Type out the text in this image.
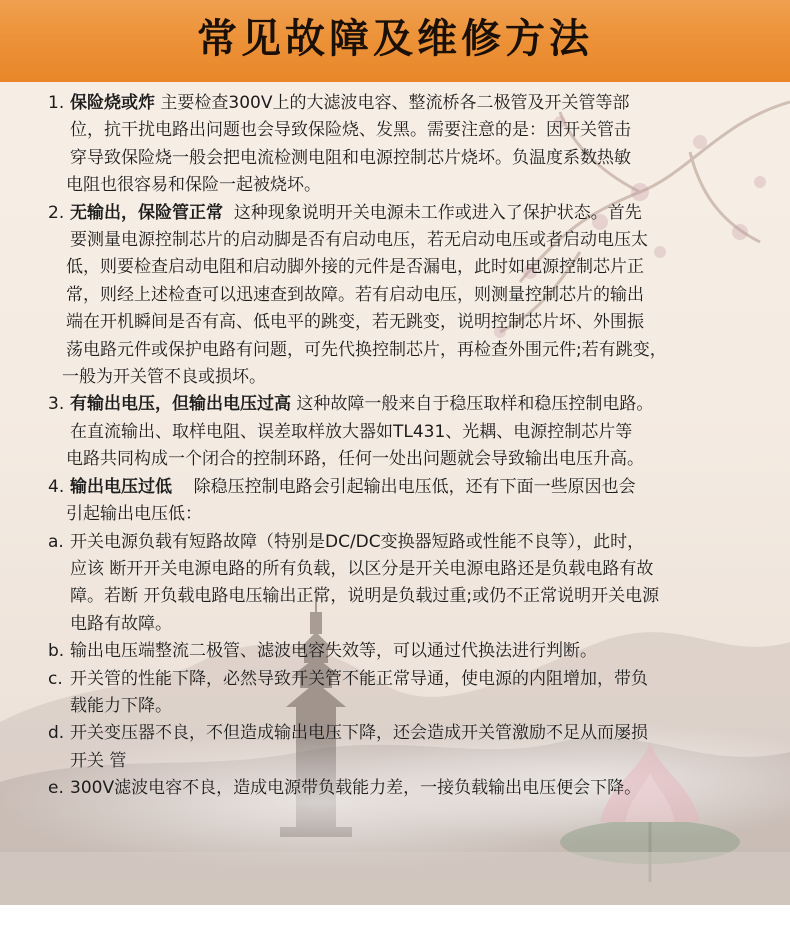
常见故障及维修方法

1. 保险烧或炸 主要检查300V上的大滤波电容、整流桥各二极管及开关管等部

位，抗干扰电路出问题也会导致保险烧、发黑。需要注意的是：因开关管击

穿导致保险烧一般会把电流检测电阻和电源控制芯片烧坏。负温度系数热敏

电阻也很容易和保险一起被烧坏。

2. 无输出，保险管正常 这种现象说明开关电源未工作或进入了保护状态。首先

要测量电源控制芯片的启动脚是否有启动电压，若无启动电压或者启动电压太

低，则要检查启动电阻和启动脚外接的元件是否漏电，此时如电源控制芯片正

常，则经上述检查可以迅速查到故障。若有启动电压，则测量控制芯片的输出

端在开机瞬间是否有高、低电平的跳变，若无跳变，说明控制芯片坏、外围振

荡电路元件或保护电路有问题，可先代换控制芯片，再检查外围元件;若有跳变，

一般为开关管不良或损坏。

3. 有输出电压，但输出电压过高 这种故障一般来自于稳压取样和稳压控制电路。

在直流输出、取样电阻、误差取样放大器如TL431、光耦、电源控制芯片等

电路共同构成一个闭合的控制环路，任何一处出问题就会导致输出电压升高。

4. 输出电压过低 除稳压控制电路会引起输出电压低，还有下面一些原因也会

引起输出电压低：

a. 开关电源负载有短路故障（特别是DC/DC变换器短路或性能不良等），此时，

应该 断开开关电源电路的所有负载，以区分是开关电源电路还是负载电路有故

障。若断 开负载电路电压输出正常，说明是负载过重;或仍不正常说明开关电源

电路有故障。

b. 输出电压端整流二极管、滤波电容失效等，可以通过代换法进行判断。

c. 开关管的性能下降，必然导致开关管不能正常导通，使电源的内阻增加，带负

载能力下降。

d. 开关变压器不良，不但造成输出电压下降，还会造成开关管激励不足从而屡损

开关 管

e. 300V滤波电容不良，造成电源带负载能力差，一接负载输出电压便会下降。
